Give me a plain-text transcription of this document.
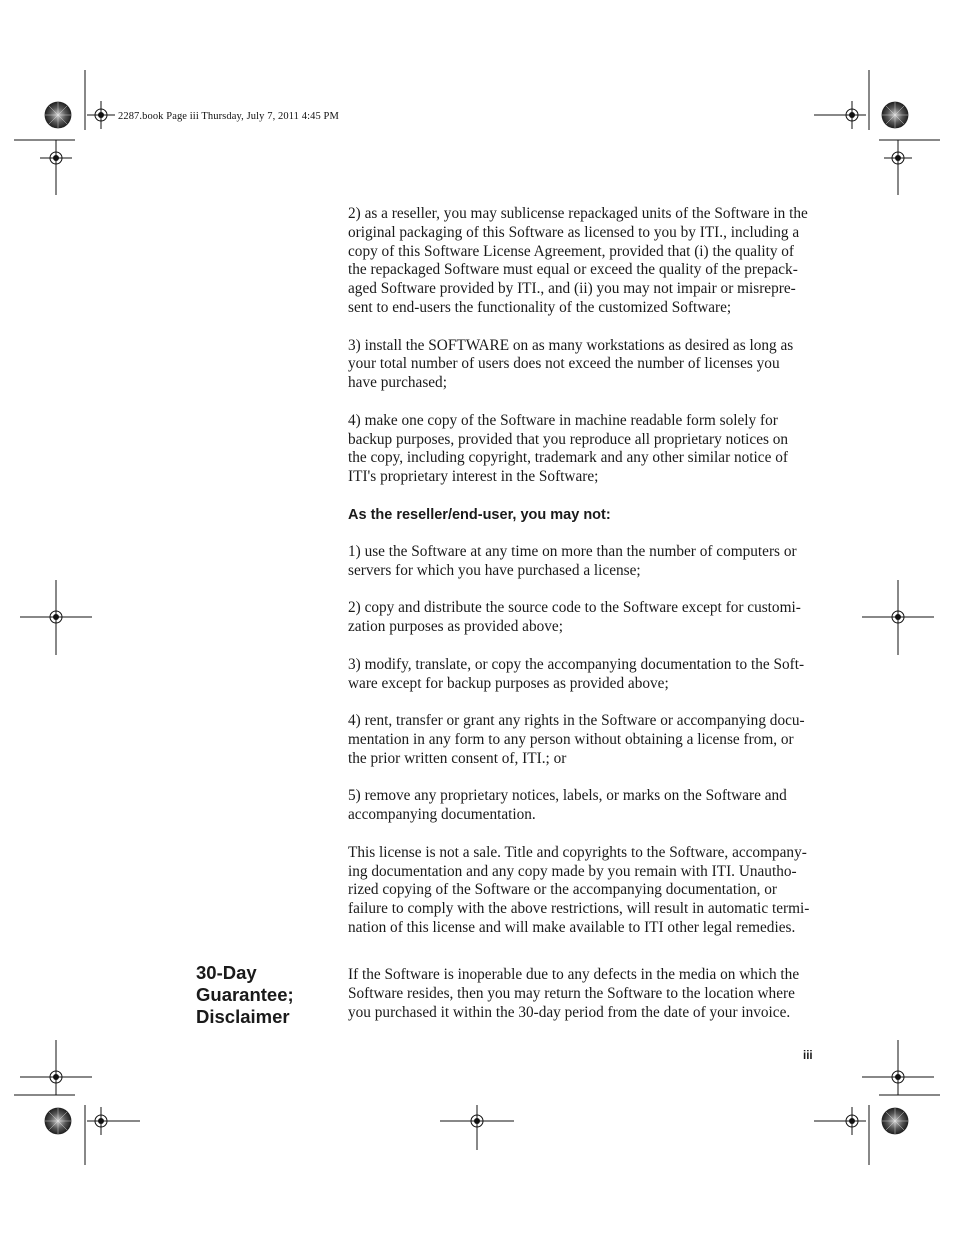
2287.book Page iii Thursday, July 7, 2011 4:45 PM

2) as a reseller, you may sublicense repackaged units of the Software in the
original packaging of this Software as licensed to you by ITI., including a
copy of this Software License Agreement, provided that (i) the quality of
the repackaged Software must equal or exceed the quality of the prepack-
aged Software provided by ITI., and (ii) you may not impair or misrepre-
sent to end-users the functionality of the customized Software;

3) install the SOFTWARE on as many workstations as desired as long as
your total number of users does not exceed the number of licenses you
have purchased;

4) make one copy of the Software in machine readable form solely for
backup purposes, provided that you reproduce all proprietary notices on
the copy, including copyright, trademark and any other similar notice of
ITI's proprietary interest in the Software;

As the reseller/end-user, you may not:

1) use the Software at any time on more than the number of computers or
servers for which you have purchased a license;

2) copy and distribute the source code to the Software except for customi-
zation purposes as provided above;

3) modify, translate, or copy the accompanying documentation to the Soft-
ware except for backup purposes as provided above;

4) rent, transfer or grant any rights in the Software or accompanying docu-
mentation in any form to any person without obtaining a license from, or
the prior written consent of, ITI.; or

5) remove any proprietary notices, labels, or marks on the Software and
accompanying documentation.

This license is not a sale. Title and copyrights to the Software, accompany-
ing documentation and any copy made by you remain with ITI. Unautho-
rized copying of the Software or the accompanying documentation, or
failure to comply with the above restrictions, will result in automatic termi-
nation of this license and will make available to ITI other legal remedies.

30-Day
Guarantee;
Disclaimer

If the Software is inoperable due to any defects in the media on which the
Software resides, then you may return the Software to the location where
you purchased it within the 30-day period from the date of your invoice.

iii
